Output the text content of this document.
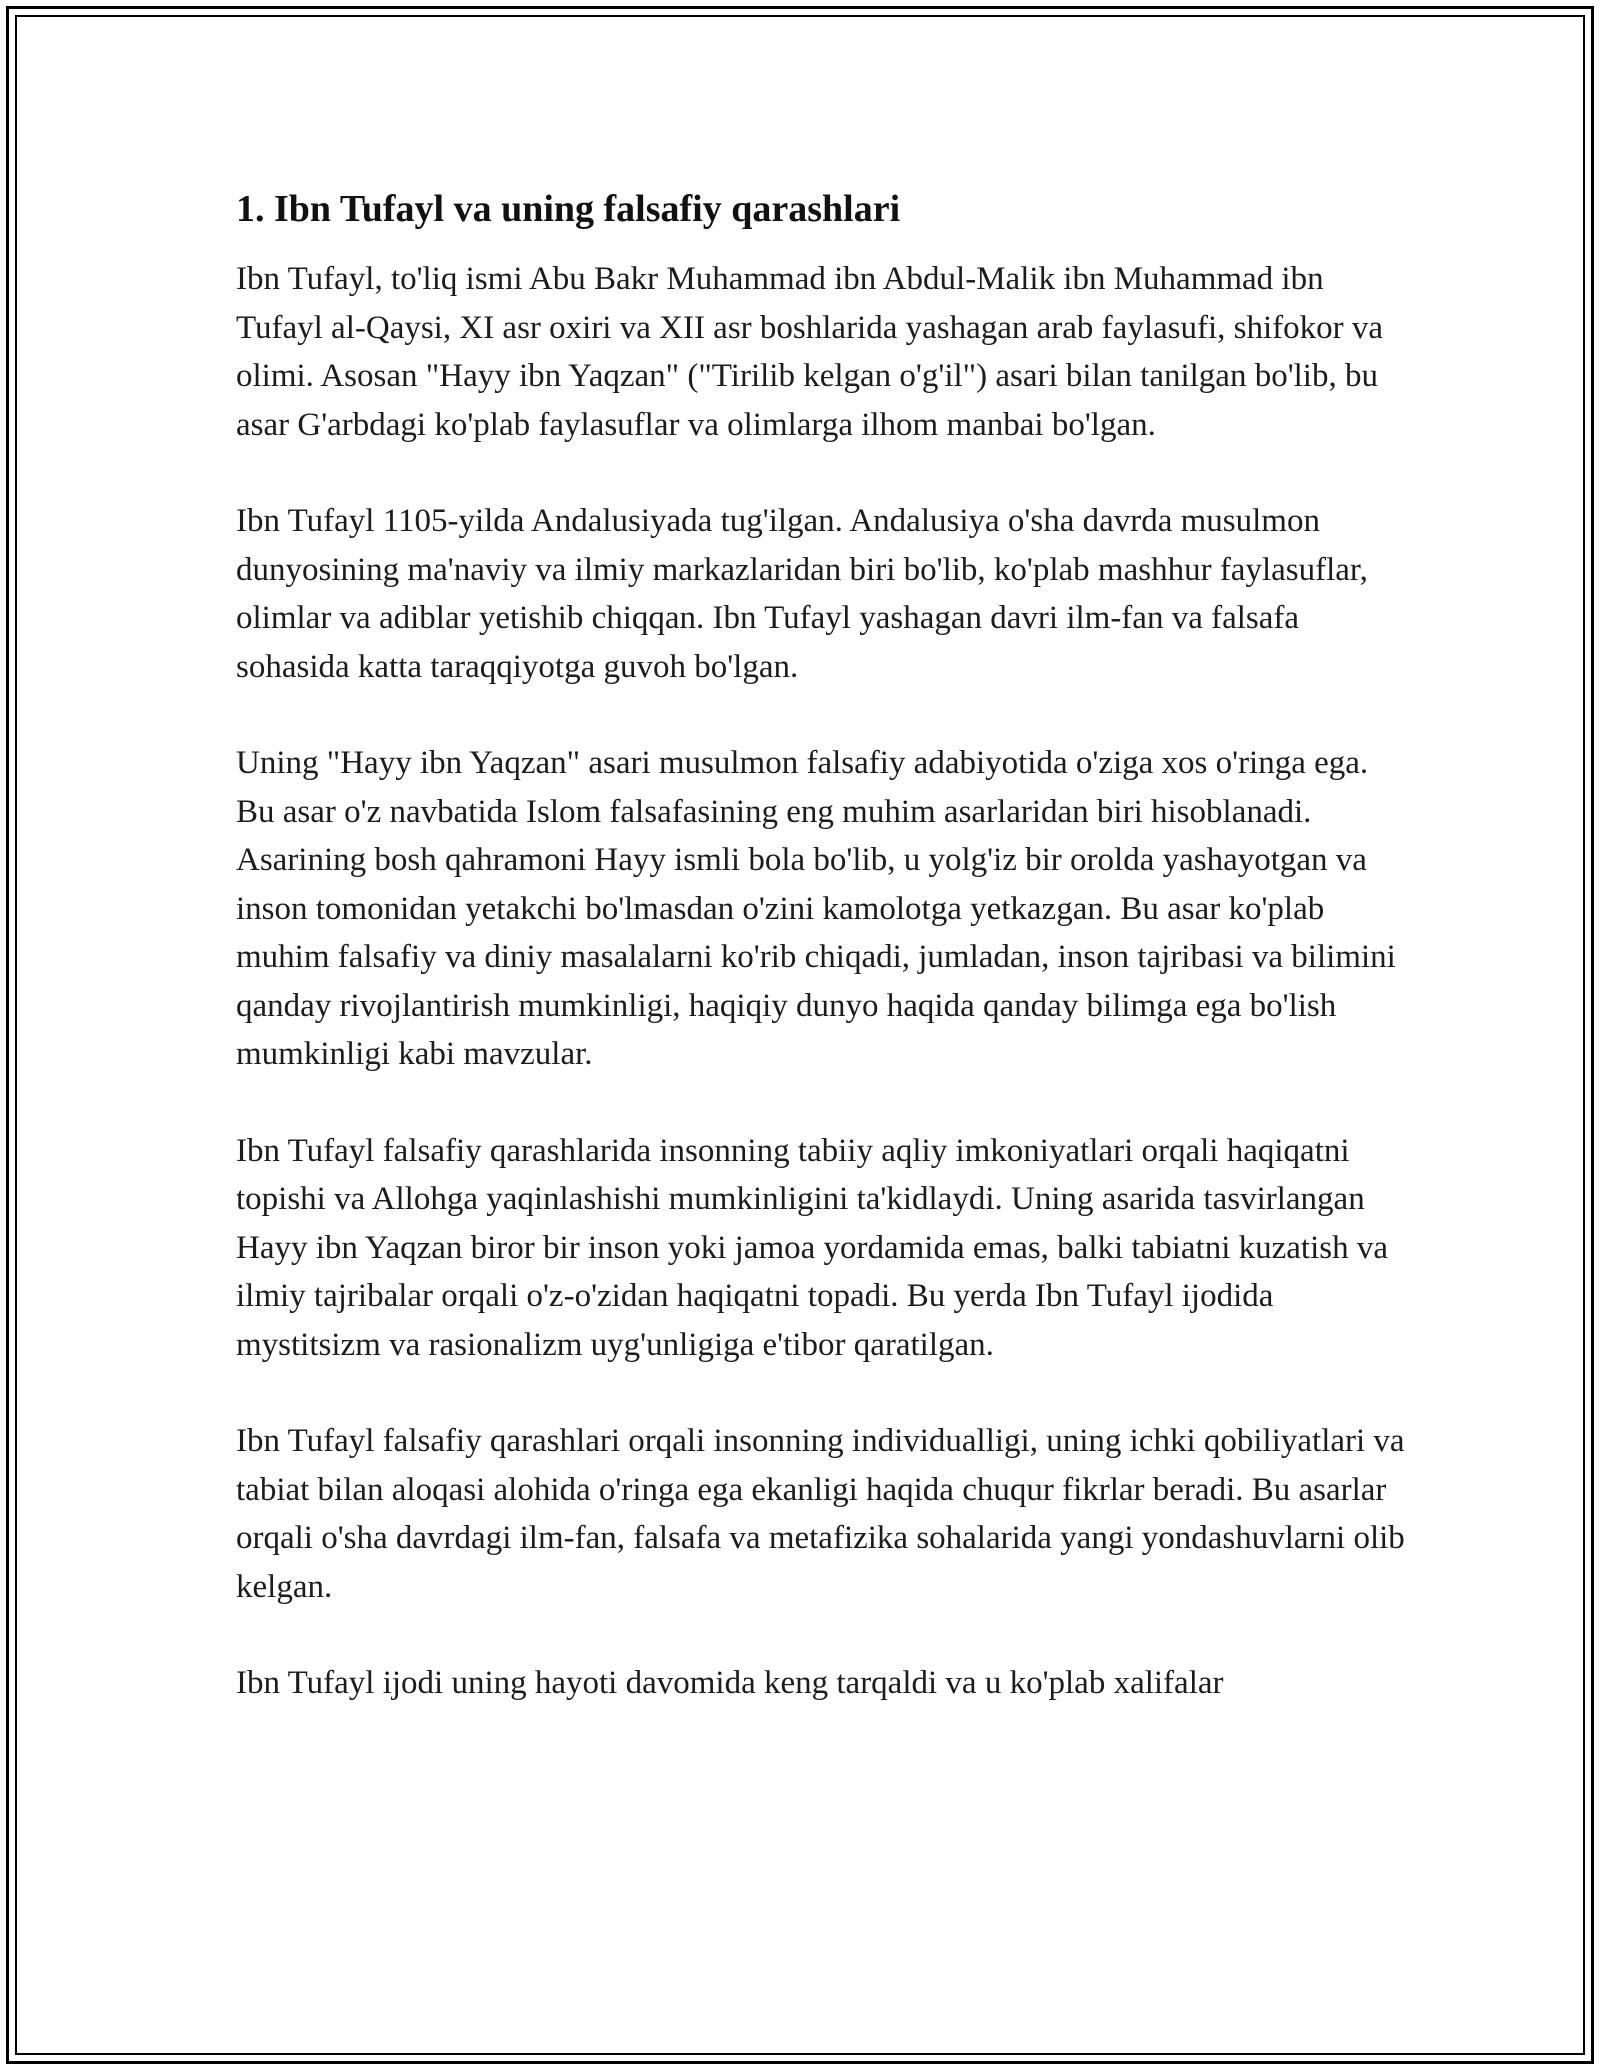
1. Ibn Tufayl va uning falsafiy qarashlari

Ibn Tufayl, to'liq ismi Abu Bakr Muhammad ibn Abdul-Malik ibn Muhammad ibn Tufayl al-Qaysi, XI asr oxiri va XII asr boshlarida yashagan arab faylasufi, shifokor va olimi. Asosan "Hayy ibn Yaqzan" ("Tirilib kelgan o'g'il") asari bilan tanilgan bo'lib, bu asar G'arbdagi ko'plab faylasuflar va olimlarga ilhom manbai bo'lgan.

Ibn Tufayl 1105-yilda Andalusiyada tug'ilgan. Andalusiya o'sha davrda musulmon dunyosining ma'naviy va ilmiy markazlaridan biri bo'lib, ko'plab mashhur faylasuflar, olimlar va adiblar yetishib chiqqan. Ibn Tufayl yashagan davri ilm-fan va falsafa sohasida katta taraqqiyotga guvoh bo'lgan.

Uning "Hayy ibn Yaqzan" asari musulmon falsafiy adabiyotida o'ziga xos o'ringa ega. Bu asar o'z navbatida Islom falsafasining eng muhim asarlaridan biri hisoblanadi. Asarining bosh qahramoni Hayy ismli bola bo'lib, u yolg'iz bir orolda yashayotgan va inson tomonidan yetakchi bo'lmasdan o'zini kamolotga yetkazgan. Bu asar ko'plab muhim falsafiy va diniy masalalarni ko'rib chiqadi, jumladan, inson tajribasi va bilimini qanday rivojlantirish mumkinligi, haqiqiy dunyo haqida qanday bilimga ega bo'lish mumkinligi kabi mavzular.

Ibn Tufayl falsafiy qarashlarida insonning tabiiy aqliy imkoniyatlari orqali haqiqatni topishi va Allohga yaqinlashishi mumkinligini ta'kidlaydi. Uning asarida tasvirlangan Hayy ibn Yaqzan biror bir inson yoki jamoa yordamida emas, balki tabiatni kuzatish va ilmiy tajribalar orqali o'z-o'zidan haqiqatni topadi. Bu yerda Ibn Tufayl ijodida mystitsizm va rasionalizm uyg'unligiga e'tibor qaratilgan.

Ibn Tufayl falsafiy qarashlari orqali insonning individualligi, uning ichki qobiliyatlari va tabiat bilan aloqasi alohida o'ringa ega ekanligi haqida chuqur fikrlar beradi. Bu asarlar orqali o'sha davrdagi ilm-fan, falsafa va metafizika sohalarida yangi yondashuvlarni olib kelgan.

Ibn Tufayl ijodi uning hayoti davomida keng tarqaldi va u ko'plab xalifalar
